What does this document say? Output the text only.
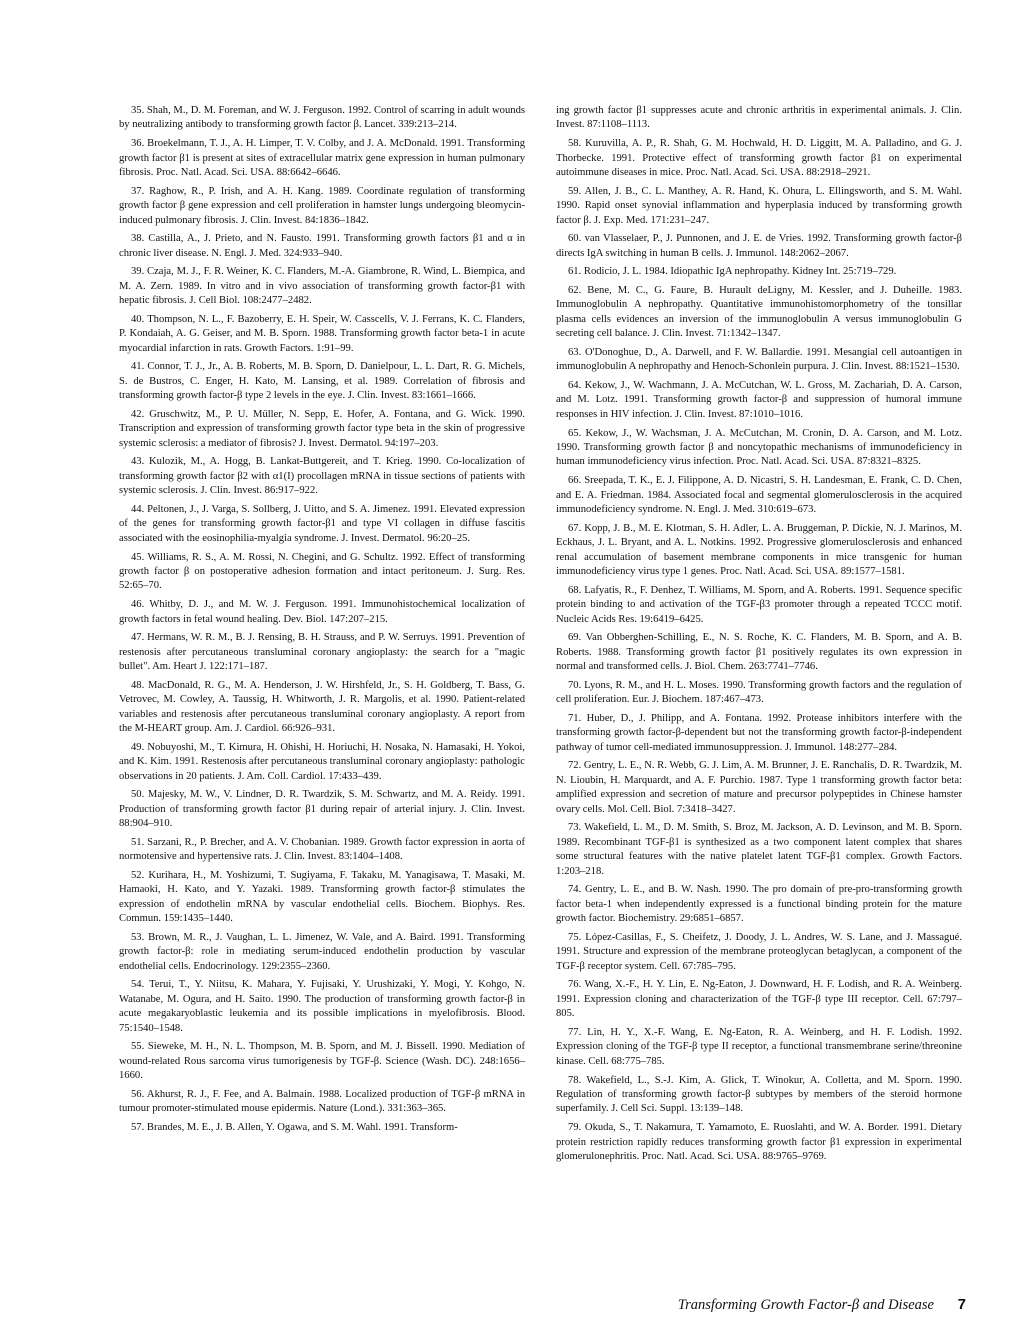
35. Shah, M., D. M. Foreman, and W. J. Ferguson. 1992. Control of scarring in adult wounds by neutralizing antibody to transforming growth factor β. Lancet. 339:213–214.

36. Broekelmann, T. J., A. H. Limper, T. V. Colby, and J. A. McDonald. 1991. Transforming growth factor β1 is present at sites of extracellular matrix gene expression in human pulmonary fibrosis. Proc. Natl. Acad. Sci. USA. 88:6642–6646.

37. Raghow, R., P. Irish, and A. H. Kang. 1989. Coordinate regulation of transforming growth factor β gene expression and cell proliferation in hamster lungs undergoing bleomycin-induced pulmonary fibrosis. J. Clin. Invest. 84:1836–1842.

38. Castilla, A., J. Prieto, and N. Fausto. 1991. Transforming growth factors β1 and α in chronic liver disease. N. Engl. J. Med. 324:933–940.

39. Czaja, M. J., F. R. Weiner, K. C. Flanders, M.-A. Giambrone, R. Wind, L. Biempica, and M. A. Zern. 1989. In vitro and in vivo association of transforming growth factor-β1 with hepatic fibrosis. J. Cell Biol. 108:2477–2482.

40. Thompson, N. L., F. Bazoberry, E. H. Speir, W. Casscells, V. J. Ferrans, K. C. Flanders, P. Kondaiah, A. G. Geiser, and M. B. Sporn. 1988. Transforming growth factor beta-1 in acute myocardial infarction in rats. Growth Factors. 1:91–99.

41. Connor, T. J., Jr., A. B. Roberts, M. B. Sporn, D. Danielpour, L. L. Dart, R. G. Michels, S. de Bustros, C. Enger, H. Kato, M. Lansing, et al. 1989. Correlation of fibrosis and transforming growth factor-β type 2 levels in the eye. J. Clin. Invest. 83:1661–1666.

42. Gruschwitz, M., P. U. Müller, N. Sepp, E. Hofer, A. Fontana, and G. Wick. 1990. Transcription and expression of transforming growth factor type beta in the skin of progressive systemic sclerosis: a mediator of fibrosis? J. Invest. Dermatol. 94:197–203.

43. Kulozik, M., A. Hogg, B. Lankat-Buttgereit, and T. Krieg. 1990. Co-localization of transforming growth factor β2 with α1(I) procollagen mRNA in tissue sections of patients with systemic sclerosis. J. Clin. Invest. 86:917–922.

44. Peltonen, J., J. Varga, S. Sollberg, J. Uitto, and S. A. Jimenez. 1991. Elevated expression of the genes for transforming growth factor-β1 and type VI collagen in diffuse fascitis associated with the eosinophilia-myalgia syndrome. J. Invest. Dermatol. 96:20–25.

45. Williams, R. S., A. M. Rossi, N. Chegini, and G. Schultz. 1992. Effect of transforming growth factor β on postoperative adhesion formation and intact peritoneum. J. Surg. Res. 52:65–70.

46. Whitby, D. J., and M. W. J. Ferguson. 1991. Immunohistochemical localization of growth factors in fetal wound healing. Dev. Biol. 147:207–215.

47. Hermans, W. R. M., B. J. Rensing, B. H. Strauss, and P. W. Serruys. 1991. Prevention of restenosis after percutaneous transluminal coronary angioplasty: the search for a "magic bullet". Am. Heart J. 122:171–187.

48. MacDonald, R. G., M. A. Henderson, J. W. Hirshfeld, Jr., S. H. Goldberg, T. Bass, G. Vetrovec, M. Cowley, A. Taussig, H. Whitworth, J. R. Margolis, et al. 1990. Patient-related variables and restenosis after percutaneous transluminal coronary angioplasty. A report from the M-HEART group. Am. J. Cardiol. 66:926–931.

49. Nobuyoshi, M., T. Kimura, H. Ohishi, H. Horiuchi, H. Nosaka, N. Hamasaki, H. Yokoi, and K. Kim. 1991. Restenosis after percutaneous transluminal coronary angioplasty: pathologic observations in 20 patients. J. Am. Coll. Cardiol. 17:433–439.

50. Majesky, M. W., V. Lindner, D. R. Twardzik, S. M. Schwartz, and M. A. Reidy. 1991. Production of transforming growth factor β1 during repair of arterial injury. J. Clin. Invest. 88:904–910.

51. Sarzani, R., P. Brecher, and A. V. Chobanian. 1989. Growth factor expression in aorta of normotensive and hypertensive rats. J. Clin. Invest. 83:1404–1408.

52. Kurihara, H., M. Yoshizumi, T. Sugiyama, F. Takaku, M. Yanagisawa, T. Masaki, M. Hamaoki, H. Kato, and Y. Yazaki. 1989. Transforming growth factor-β stimulates the expression of endothelin mRNA by vascular endothelial cells. Biochem. Biophys. Res. Commun. 159:1435–1440.

53. Brown, M. R., J. Vaughan, L. L. Jimenez, W. Vale, and A. Baird. 1991. Transforming growth factor-β: role in mediating serum-induced endothelin production by vascular endothelial cells. Endocrinology. 129:2355–2360.

54. Terui, T., Y. Niitsu, K. Mahara, Y. Fujisaki, Y. Urushizaki, Y. Mogi, Y. Kohgo, N. Watanabe, M. Ogura, and H. Saito. 1990. The production of transforming growth factor-β in acute megakaryoblastic leukemia and its possible implications in myelofibrosis. Blood. 75:1540–1548.

55. Sieweke, M. H., N. L. Thompson, M. B. Sporn, and M. J. Bissell. 1990. Mediation of wound-related Rous sarcoma virus tumorigenesis by TGF-β. Science (Wash. DC). 248:1656–1660.

56. Akhurst, R. J., F. Fee, and A. Balmain. 1988. Localized production of TGF-β mRNA in tumour promoter-stimulated mouse epidermis. Nature (Lond.). 331:363–365.

57. Brandes, M. E., J. B. Allen, Y. Ogawa, and S. M. Wahl. 1991. Transform-

ing growth factor β1 suppresses acute and chronic arthritis in experimental animals. J. Clin. Invest. 87:1108–1113.

58. Kuruvilla, A. P., R. Shah, G. M. Hochwald, H. D. Liggitt, M. A. Palladino, and G. J. Thorbecke. 1991. Protective effect of transforming growth factor β1 on experimental autoimmune diseases in mice. Proc. Natl. Acad. Sci. USA. 88:2918–2921.

59. Allen, J. B., C. L. Manthey, A. R. Hand, K. Ohura, L. Ellingsworth, and S. M. Wahl. 1990. Rapid onset synovial inflammation and hyperplasia induced by transforming growth factor β. J. Exp. Med. 171:231–247.

60. van Vlasselaer, P., J. Punnonen, and J. E. de Vries. 1992. Transforming growth factor-β directs IgA switching in human B cells. J. Immunol. 148:2062–2067.

61. Rodicio, J. L. 1984. Idiopathic IgA nephropathy. Kidney Int. 25:719–729.

62. Bene, M. C., G. Faure, B. Hurault deLigny, M. Kessler, and J. Duheille. 1983. Immunoglobulin A nephropathy. Quantitative immunohistomorphometry of the tonsillar plasma cells evidences an inversion of the immunoglobulin A versus immunoglobulin G secreting cell balance. J. Clin. Invest. 71:1342–1347.

63. O'Donoghue, D., A. Darwell, and F. W. Ballardie. 1991. Mesangial cell autoantigen in immunoglobulin A nephropathy and Henoch-Schonlein purpura. J. Clin. Invest. 88:1521–1530.

64. Kekow, J., W. Wachmann, J. A. McCutchan, W. L. Gross, M. Zachariah, D. A. Carson, and M. Lotz. 1991. Transforming growth factor-β and suppression of humoral immune responses in HIV infection. J. Clin. Invest. 87:1010–1016.

65. Kekow, J., W. Wachsman, J. A. McCutchan, M. Cronin, D. A. Carson, and M. Lotz. 1990. Transforming growth factor β and noncytopathic mechanisms of immunodeficiency in human immunodeficiency virus infection. Proc. Natl. Acad. Sci. USA. 87:8321–8325.

66. Sreepada, T. K., E. J. Filippone, A. D. Nicastri, S. H. Landesman, E. Frank, C. D. Chen, and E. A. Friedman. 1984. Associated focal and segmental glomerulosclerosis in the acquired immunodeficiency syndrome. N. Engl. J. Med. 310:619–673.

67. Kopp, J. B., M. E. Klotman, S. H. Adler, L. A. Bruggeman, P. Dickie, N. J. Marinos, M. Eckhaus, J. L. Bryant, and A. L. Notkins. 1992. Progressive glomerulosclerosis and enhanced renal accumulation of basement membrane components in mice transgenic for human immunodeficiency virus type 1 genes. Proc. Natl. Acad. Sci. USA. 89:1577–1581.

68. Lafyatis, R., F. Denhez, T. Williams, M. Sporn, and A. Roberts. 1991. Sequence specific protein binding to and activation of the TGF-β3 promoter through a repeated TCCC motif. Nucleic Acids Res. 19:6419–6425.

69. Van Obberghen-Schilling, E., N. S. Roche, K. C. Flanders, M. B. Sporn, and A. B. Roberts. 1988. Transforming growth factor β1 positively regulates its own expression in normal and transformed cells. J. Biol. Chem. 263:7741–7746.

70. Lyons, R. M., and H. L. Moses. 1990. Transforming growth factors and the regulation of cell proliferation. Eur. J. Biochem. 187:467–473.

71. Huber, D., J. Philipp, and A. Fontana. 1992. Protease inhibitors interfere with the transforming growth factor-β-dependent but not the transforming growth factor-β-independent pathway of tumor cell-mediated immunosuppression. J. Immunol. 148:277–284.

72. Gentry, L. E., N. R. Webb, G. J. Lim, A. M. Brunner, J. E. Ranchalis, D. R. Twardzik, M. N. Lioubin, H. Marquardt, and A. F. Purchio. 1987. Type 1 transforming growth factor beta: amplified expression and secretion of mature and precursor polypeptides in Chinese hamster ovary cells. Mol. Cell. Biol. 7:3418–3427.

73. Wakefield, L. M., D. M. Smith, S. Broz, M. Jackson, A. D. Levinson, and M. B. Sporn. 1989. Recombinant TGF-β1 is synthesized as a two component latent complex that shares some structural features with the native platelet latent TGF-β1 complex. Growth Factors. 1:203–218.

74. Gentry, L. E., and B. W. Nash. 1990. The pro domain of pre-pro-transforming growth factor beta-1 when independently expressed is a functional binding protein for the mature growth factor. Biochemistry. 29:6851–6857.

75. López-Casillas, F., S. Cheifetz, J. Doody, J. L. Andres, W. S. Lane, and J. Massagué. 1991. Structure and expression of the membrane proteoglycan betaglycan, a component of the TGF-β receptor system. Cell. 67:785–795.

76. Wang, X.-F., H. Y. Lin, E. Ng-Eaton, J. Downward, H. F. Lodish, and R. A. Weinberg. 1991. Expression cloning and characterization of the TGF-β type III receptor. Cell. 67:797–805.

77. Lin, H. Y., X.-F. Wang, E. Ng-Eaton, R. A. Weinberg, and H. F. Lodish. 1992. Expression cloning of the TGF-β type II receptor, a functional transmembrane serine/threonine kinase. Cell. 68:775–785.

78. Wakefield, L., S.-J. Kim, A. Glick, T. Winokur, A. Colletta, and M. Sporn. 1990. Regulation of transforming growth factor-β subtypes by members of the steroid hormone superfamily. J. Cell Sci. Suppl. 13:139–148.

79. Okuda, S., T. Nakamura, T. Yamamoto, E. Ruoslahti, and W. A. Border. 1991. Dietary protein restriction rapidly reduces transforming growth factor β1 expression in experimental glomerulonephritis. Proc. Natl. Acad. Sci. USA. 88:9765–9769.

Transforming Growth Factor-β and Disease 7
